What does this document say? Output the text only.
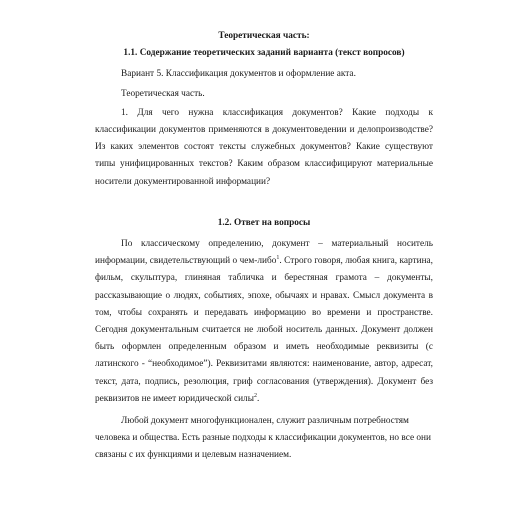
Теоретическая часть:

1.1. Содержание теоретических заданий варианта (текст вопросов)

Вариант 5. Классификация документов и оформление акта.

Теоретическая часть.

1. Для чего нужна классификация документов? Какие подходы к классификации документов применяются в документоведении и делопроизводстве? Из каких элементов состоят тексты служебных документов? Какие существуют типы унифицированных текстов? Каким образом классифицируют материальные носители документированной информации?

1.2. Ответ на вопросы

По классическому определению, документ – материальный носитель информации, свидетельствующий о чем-либо$^1$. Строго говоря, любая книга, картина, фильм, скульптура, глиняная табличка и берестяная грамота – документы, рассказывающие о людях, событиях, эпохе, обычаях и нравах. Смысл документа в том, чтобы сохранять и передавать информацию во времени и пространстве. Сегодня документальным считается не любой носитель данных. Документ должен быть оформлен определенным образом и иметь необходимые реквизиты (с латинского - “необходимое”). Реквизитами являются: наименование, автор, адресат, текст, дата, подпись, резолюция, гриф согласования (утверждения). Документ без реквизитов не имеет юридической силы$^2$.

Любой документ многофункционален, служит различным потребностям человека и общества. Есть разные подходы к классификации документов, но все они связаны с их функциями и целевым назначением.
